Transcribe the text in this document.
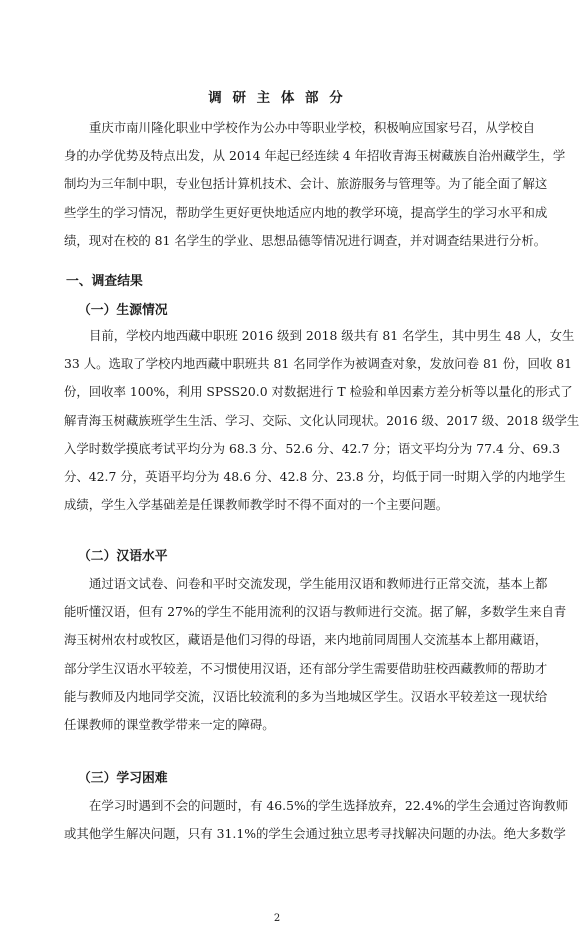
调 研 主 体 部 分
重庆市南川隆化职业中学校作为公办中等职业学校，积极响应国家号召，从学校自
身的办学优势及特点出发，从 2014 年起已经连续 4 年招收青海玉树藏族自治州藏学生，学
制均为三年制中职，专业包括计算机技术、会计、旅游服务与管理等。为了能全面了解这
些学生的学习情况，帮助学生更好更快地适应内地的教学环境，提高学生的学习水平和成
绩，现对在校的 81 名学生的学业、思想品德等情况进行调查，并对调查结果进行分析。
一、调查结果
（一）生源情况
目前，学校内地西藏中职班 2016 级到 2018 级共有 81 名学生，其中男生 48 人，女生
33 人。选取了学校内地西藏中职班共 81 名同学作为被调查对象，发放问卷 81 份，回收 81
份，回收率 100%，利用 SPSS20.0 对数据进行 T 检验和单因素方差分析等以量化的形式了
解青海玉树藏族班学生生活、学习、交际、文化认同现状。2016 级、2017 级、2018 级学生
入学时数学摸底考试平均分为 68.3 分、52.6 分、42.7 分；语文平均分为 77.4 分、69.3
分、42.7 分，英语平均分为 48.6 分、42.8 分、23.8 分，均低于同一时期入学的内地学生
成绩，学生入学基础差是任课教师教学时不得不面对的一个主要问题。
（二）汉语水平
通过语文试卷、问卷和平时交流发现，学生能用汉语和教师进行正常交流，基本上都
能听懂汉语，但有 27%的学生不能用流利的汉语与教师进行交流。据了解，多数学生来自青
海玉树州农村或牧区，藏语是他们习得的母语，来内地前同周围人交流基本上都用藏语，
部分学生汉语水平较差，不习惯使用汉语，还有部分学生需要借助驻校西藏教师的帮助才
能与教师及内地同学交流，汉语比较流利的多为当地城区学生。汉语水平较差这一现状给
任课教师的课堂教学带来一定的障碍。
（三）学习困难
在学习时遇到不会的问题时，有 46.5%的学生选择放弃，22.4%的学生会通过咨询教师
或其他学生解决问题，只有 31.1%的学生会通过独立思考寻找解决问题的办法。绝大多数学
2
